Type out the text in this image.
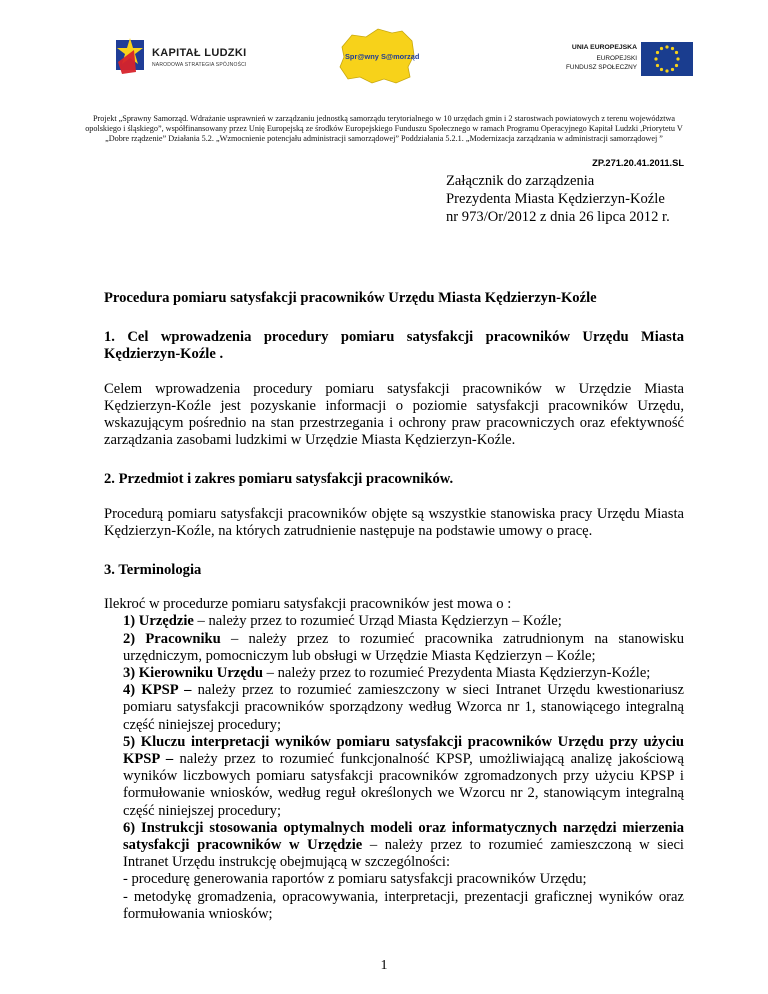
KAPITAŁ LUDZKI
NARODOWA STRATEGIA SPÓJNOŚCI
Spr@wny S@morząd
UNIA EUROPEJSKA
EUROPEJSKI
FUNDUSZ SPOŁECZNY
Projekt „Sprawny Samorząd. Wdrażanie usprawnień w zarządzaniu jednostką samorządu terytorialnego w 10 urzędach gmin i 2 starostwach powiatowych z terenu województwa opolskiego i śląskiego”, współfinansowany przez Unię Europejską ze środków Europejskiego Funduszu Społecznego w ramach Programu Operacyjnego Kapitał Ludzki ,Priorytetu V „Dobre rządzenie” Działania 5.2. „Wzmocnienie potencjału administracji samorządowej” Poddziałania 5.2.1. „Modernizacja zarządzania w administracji samorządowej ”
ZP.271.20.41.2011.SL
Załącznik do zarządzenia
Prezydenta Miasta Kędzierzyn-Koźle
nr 973/Or/2012 z dnia 26 lipca 2012 r.

Procedura pomiaru satysfakcji pracowników Urzędu Miasta Kędzierzyn-Koźle

1. Cel wprowadzenia procedury pomiaru satysfakcji pracowników Urzędu Miasta Kędzierzyn-Koźle .

Celem wprowadzenia procedury pomiaru satysfakcji pracowników w Urzędzie Miasta Kędzierzyn-Koźle jest pozyskanie informacji o poziomie satysfakcji pracowników Urzędu, wskazującym pośrednio na stan przestrzegania i ochrony praw pracowniczych oraz efektywność zarządzania zasobami ludzkimi w Urzędzie Miasta Kędzierzyn-Koźle.

2. Przedmiot i zakres pomiaru satysfakcji pracowników.

Procedurą pomiaru satysfakcji pracowników objęte są wszystkie stanowiska pracy Urzędu Miasta Kędzierzyn-Koźle, na których zatrudnienie następuje na podstawie umowy o pracę.

3. Terminologia

Ilekroć w procedurze pomiaru satysfakcji pracowników jest mowa o :

1) Urzędzie – należy przez to rozumieć Urząd Miasta Kędzierzyn – Koźle;

2) Pracowniku – należy przez to rozumieć pracownika zatrudnionym na stanowisku urzędniczym, pomocniczym lub obsługi w Urzędzie Miasta Kędzierzyn – Koźle;

3) Kierowniku Urzędu – należy przez to rozumieć Prezydenta Miasta Kędzierzyn-Koźle;

4) KPSP – należy przez to rozumieć zamieszczony w sieci Intranet Urzędu kwestionariusz pomiaru satysfakcji pracowników sporządzony według Wzorca nr 1, stanowiącego integralną część niniejszej procedury;

5) Kluczu interpretacji wyników pomiaru satysfakcji pracowników Urzędu przy użyciu KPSP – należy przez to rozumieć funkcjonalność KPSP, umożliwiającą analizę jakościową wyników liczbowych pomiaru satysfakcji pracowników zgromadzonych przy użyciu KPSP i formułowanie wniosków, według reguł określonych we Wzorcu nr 2, stanowiącym integralną część niniejszej procedury;

6) Instrukcji stosowania optymalnych modeli oraz informatycznych narzędzi mierzenia satysfakcji pracowników w Urzędzie – należy przez to rozumieć zamieszczoną w sieci Intranet Urzędu instrukcję obejmującą w szczególności:

- procedurę generowania raportów z pomiaru satysfakcji pracowników Urzędu;

- metodykę gromadzenia, opracowywania, interpretacji, prezentacji graficznej wyników oraz formułowania wniosków;

1
